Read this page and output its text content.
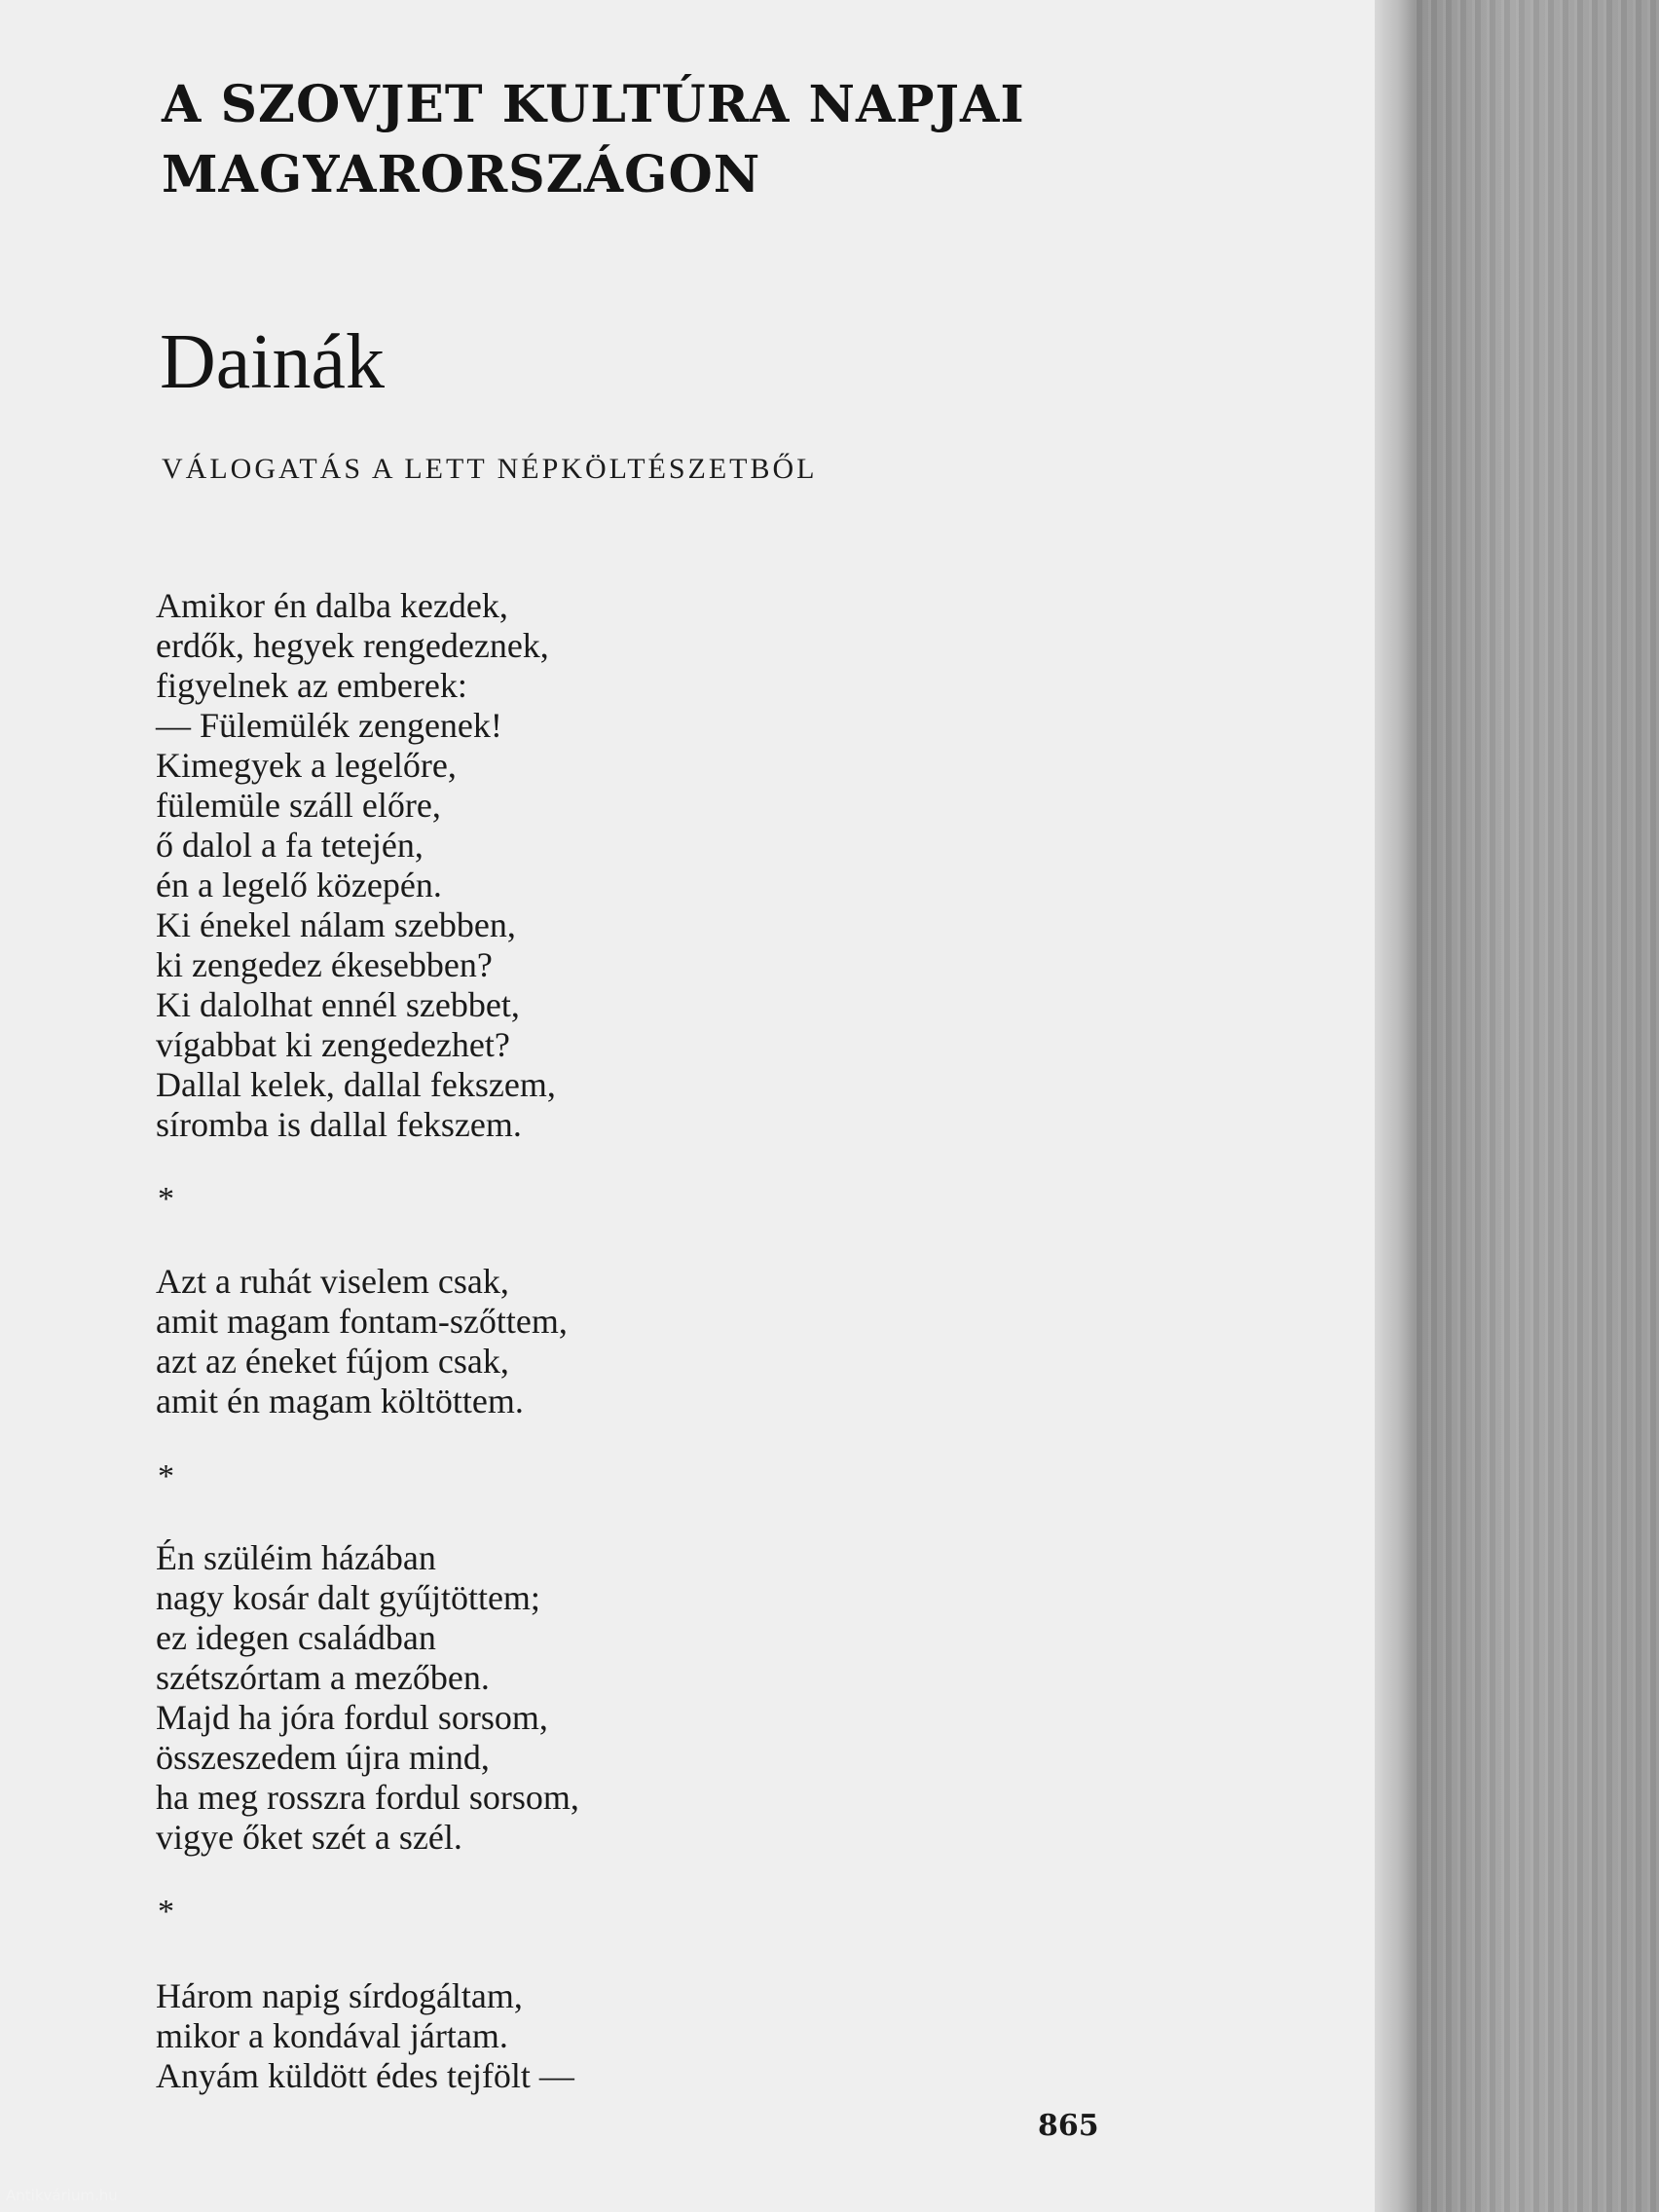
A SZOVJET KULTÚRA NAPJAI
MAGYARORSZÁGON
Dainák
VÁLOGATÁS A LETT NÉPKÖLTÉSZETBŐL
Amikor én dalba kezdek,
erdők, hegyek rengedeznek,
figyelnek az emberek:
— Fülemülék zengenek!
Kimegyek a legelőre,
fülemüle száll előre,
ő dalol a fa tetején,
én a legelő közepén.
Ki énekel nálam szebben,
ki zengedez ékesebben?
Ki dalolhat ennél szebbet,
vígabbat ki zengedezhet?
Dallal kelek, dallal fekszem,
síromba is dallal fekszem.
*
Azt a ruhát viselem csak,
amit magam fontam-szőttem,
azt az éneket fújom csak,
amit én magam költöttem.
*
Én szüléim házában
nagy kosár dalt gyűjtöttem;
ez idegen családban
szétszórtam a mezőben.
Majd ha jóra fordul sorsom,
összeszedem újra mind,
ha meg rosszra fordul sorsom,
vigye őket szét a szél.
*
Három napig sírdogáltam,
mikor a kondával jártam.
Anyám küldött édes tejfölt —
865
Antikvárium.hu
